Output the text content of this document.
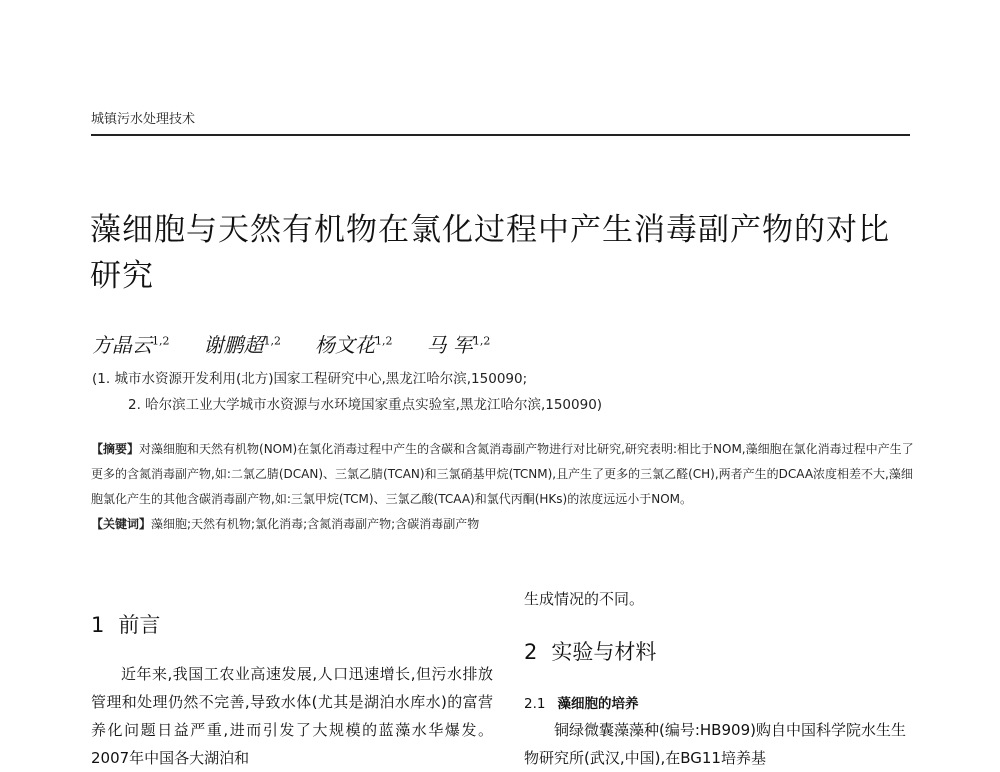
城镇污水处理技术
藻细胞与天然有机物在氯化过程中产生消毒副产物的对比研究
方晶云$^{1,2}$ 谢鹏超$^{1,2}$ 杨文花$^{1,2}$ 马 军$^{1,2}$
(1. 城市水资源开发利用(北方)国家工程研究中心,黑龙江哈尔滨,150090;
2. 哈尔滨工业大学城市水资源与水环境国家重点实验室,黑龙江哈尔滨,150090)
【摘要】对藻细胞和天然有机物(NOM)在氯化消毒过程中产生的含碳和含氮消毒副产物进行对比研究,研究表明:相比于NOM,藻细胞在氯化消毒过程中产生了更多的含氮消毒副产物,如:二氯乙腈(DCAN)、三氯乙腈(TCAN)和三氯硝基甲烷(TCNM),且产生了更多的三氯乙醛(CH),两者产生的DCAA浓度相差不大,藻细胞氯化产生的其他含碳消毒副产物,如:三氯甲烷(TCM)、三氯乙酸(TCAA)和氯代丙酮(HKs)的浓度远远小于NOM。
【关键词】藻细胞;天然有机物;氯化消毒;含氮消毒副产物;含碳消毒副产物
1 前言
近年来,我国工农业高速发展,人口迅速增长,但污水排放管理和处理仍然不完善,导致水体(尤其是湖泊水库水)的富营养化问题日益严重,进而引发了大规模的蓝藻水华爆发。2007年中国各大湖泊和
生成情况的不同。
2 实验与材料
2.1 藻细胞的培养
铜绿微囊藻藻种(编号:HB909)购自中国科学院水生生物研究所(武汉,中国),在BG11培养基
